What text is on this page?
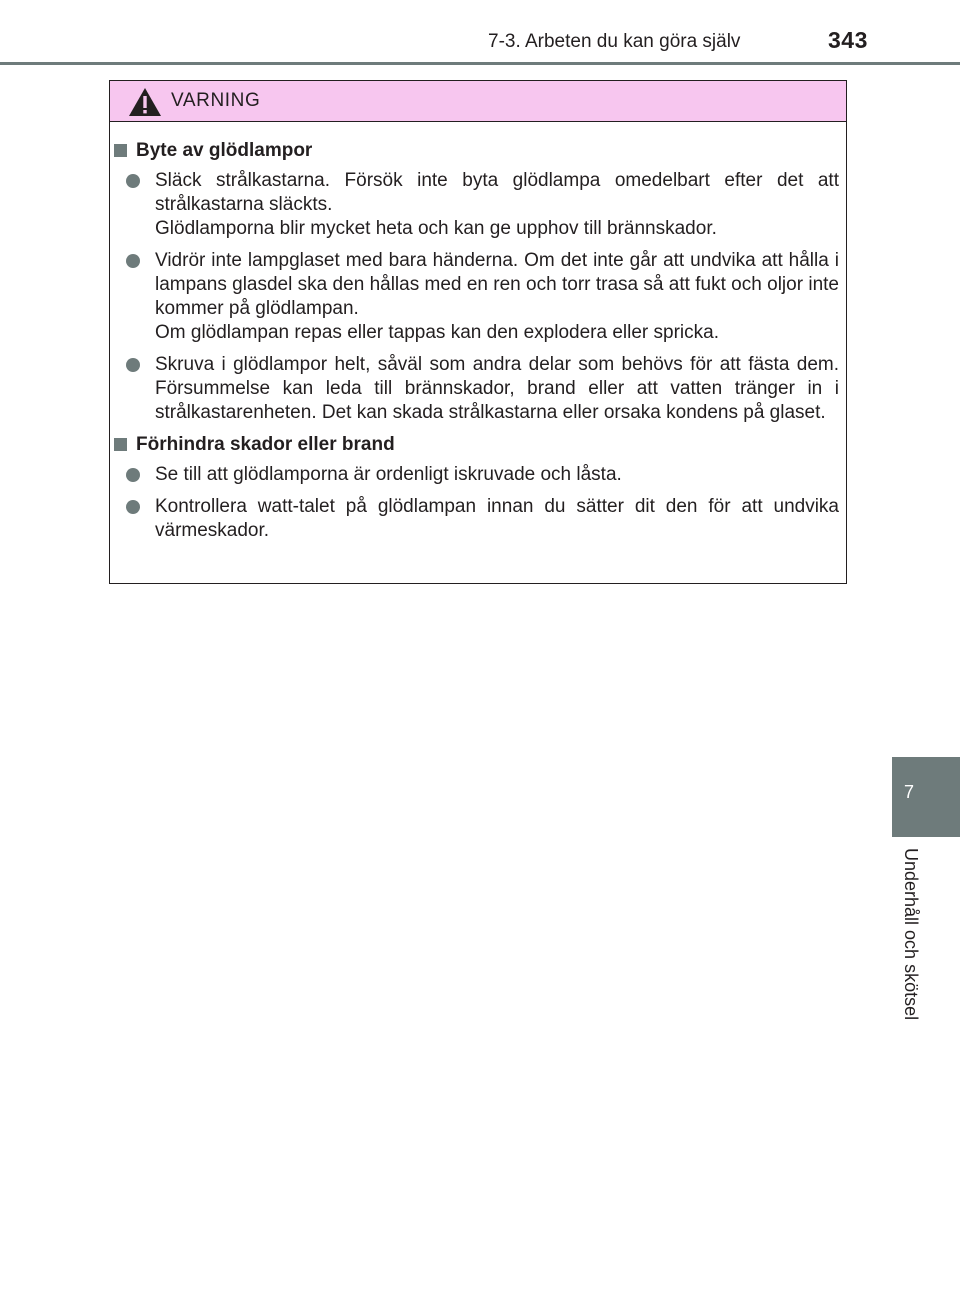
7-3. Arbeten du kan göra själv	343
7
Underhåll och skötsel
VARNING
Byte av glödlampor
Släck strålkastarna. Försök inte byta glödlampa omedelbart efter det att strålkastarna släckts.
Glödlamporna blir mycket heta och kan ge upphov till brännskador.
Vidrör inte lampglaset med bara händerna. Om det inte går att undvika att hålla i lampans glasdel ska den hållas med en ren och torr trasa så att fukt och oljor inte kommer på glödlampan.
Om glödlampan repas eller tappas kan den explodera eller spricka.
Skruva i glödlampor helt, såväl som andra delar som behövs för att fästa dem. Försummelse kan leda till brännskador, brand eller att vatten tränger in i strålkastarenheten. Det kan skada strålkastarna eller orsaka kondens på glaset.
Förhindra skador eller brand
Se till att glödlamporna är ordenligt iskruvade och låsta.
Kontrollera watt-talet på glödlampan innan du sätter dit den för att undvika värmeskador.
